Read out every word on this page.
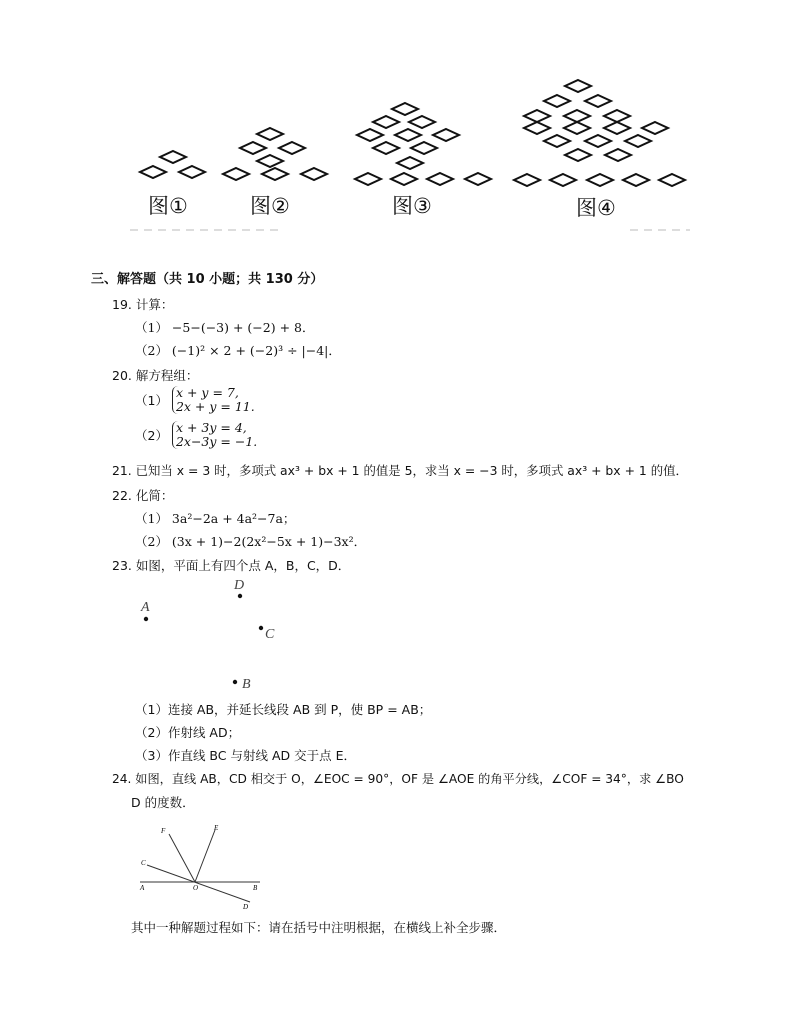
图①	图②	图③	图④
三、解答题（共 10 小题；共 130 分）
19. 计算：
（1） −5−(−3) + (−2) + 8．
（2） (−1)² × 2 + (−2)³ ÷ |−4|．
20. 解方程组：
（1） x + y = 7,
2x + y = 11.
（2） x + 3y = 4,
2x−3y = −1.
21. 已知当 x = 3 时，多项式 ax³ + bx + 1 的值是 5，求当 x = −3 时，多项式 ax³ + bx + 1 的值．
22. 化简：
（1） 3a²−2a + 4a²−7a；
（2） (3x + 1)−2(2x²−5x + 1)−3x²．
23. 如图，平面上有四个点 A，B，C，D．
A
B
C
D
（1）连接 AB，并延长线段 AB 到 P，使 BP = AB；
（2）作射线 AD；
（3）作直线 BC 与射线 AD 交于点 E．
24. 如图，直线 AB，CD 相交于 O，∠EOC = 90°，OF 是 ∠AOE 的角平分线，∠COF = 34°，求 ∠BO
D 的度数．
F	E
C
A	O	B
D
其中一种解题过程如下：请在括号中注明根据，在横线上补全步骤．
